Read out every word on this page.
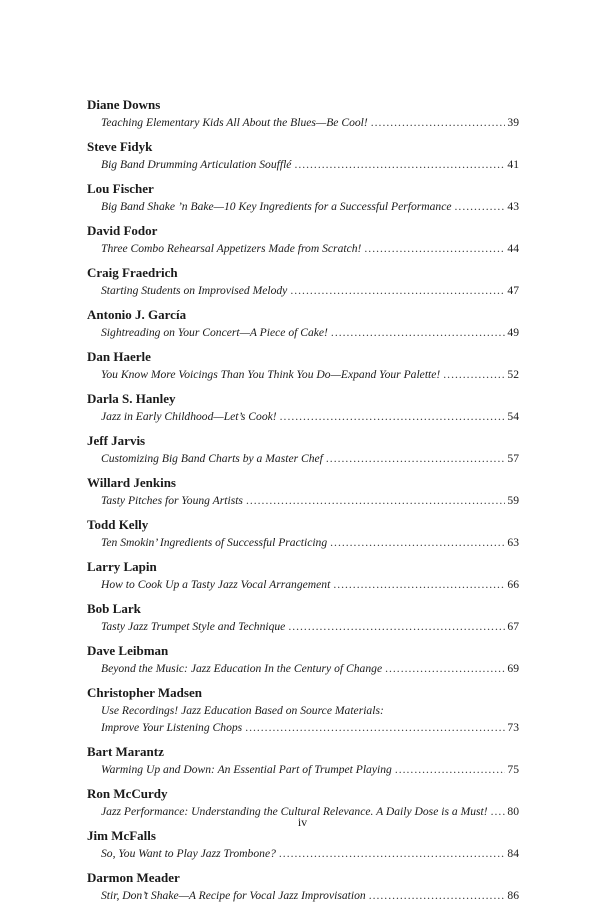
Diane Downs
Teaching Elementary Kids All About the Blues—Be Cool! .....	39
Steve Fidyk
Big Band Drumming Articulation Soufflé .....	41
Lou Fischer
Big Band Shake ’n Bake—10 Key Ingredients for a Successful Performance .....	43
David Fodor
Three Combo Rehearsal Appetizers Made from Scratch! .....	44
Craig Fraedrich
Starting Students on Improvised Melody .....	47
Antonio J. García
Sightreading on Your Concert—A Piece of Cake! .....	49
Dan Haerle
You Know More Voicings Than You Think You Do—Expand Your Palette! .....	52
Darla S. Hanley
Jazz in Early Childhood—Let’s Cook! .....	54
Jeff Jarvis
Customizing Big Band Charts by a Master Chef .....	57
Willard Jenkins
Tasty Pitches for Young Artists .....	59
Todd Kelly
Ten Smokin’ Ingredients of Successful Practicing .....	63
Larry Lapin
How to Cook Up a Tasty Jazz Vocal Arrangement .....	66
Bob Lark
Tasty Jazz Trumpet Style and Technique .....	67
Dave Leibman
Beyond the Music: Jazz Education In the Century of Change .....	69
Christopher Madsen
Use Recordings! Jazz Education Based on Source Materials:
Improve Your Listening Chops .....	73
Bart Marantz
Warming Up and Down: An Essential Part of Trumpet Playing .....	75
Ron McCurdy
Jazz Performance: Understanding the Cultural Relevance. A Daily Dose is a Must! ..... 80
Jim McFalls
So, You Want to Play Jazz Trombone? .....	84
Darmon Meader
Stir, Don’t Shake—A Recipe for Vocal Jazz Improvisation .....	86
iv
